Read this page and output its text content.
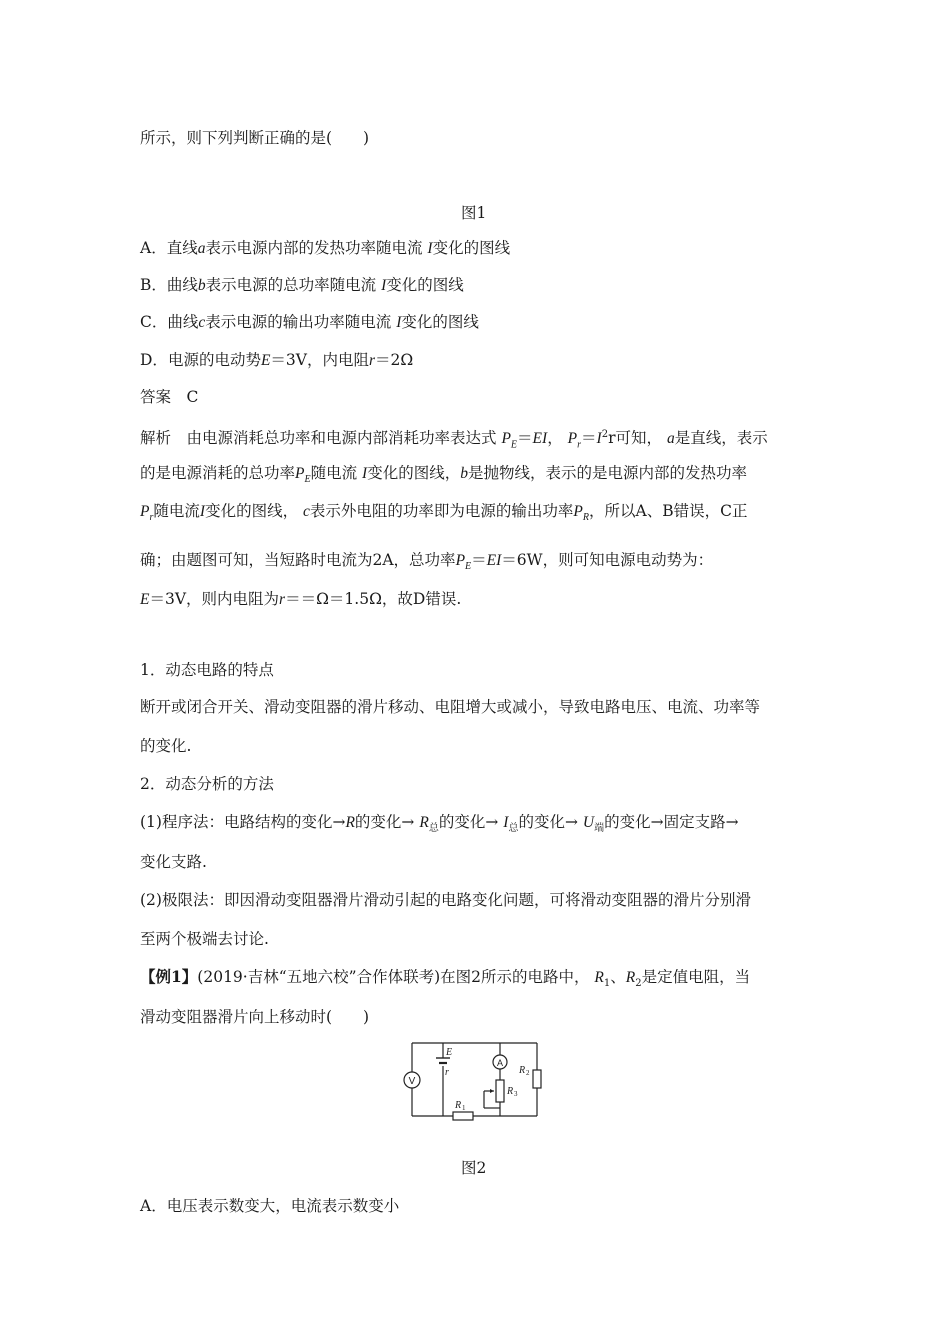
所示，则下列判断正确的是(　　)
图1
A．直线a表示电源内部的发热功率随电流 I变化的图线
B．曲线b表示电源的总功率随电流 I变化的图线
C．曲线c表示电源的输出功率随电流 I变化的图线
D．电源的电动势E＝3V，内电阻r＝2Ω
答案　C
解析　由电源消耗总功率和电源内部消耗功率表达式 $P_E=EI$， $P_r=I^2r$可知， a是直线，表示
的是电源消耗的总功率$P_E$随电流 I变化的图线，b是抛物线，表示的是电源内部的发热功率
$P_r$随电流I变化的图线， c表示外电阻的功率即为电源的输出功率$P_R$，所以A、B错误，C正
确；由题图可知，当短路时电流为2A，总功率$P_E=EI=6W$，则可知电源电动势为：
E＝3V，则内电阻为r＝＝Ω＝1.5Ω，故D错误.
1．动态电路的特点
断开或闭合开关、滑动变阻器的滑片移动、电阻增大或减小，导致电路电压、电流、功率等
的变化.
2．动态分析的方法
(1)程序法：电路结构的变化→R的变化→ $R_总$的变化→ $I_总$的变化→ $U_端$的变化→固定支路→
变化支路.
(2)极限法：即因滑动变阻器滑片滑动引起的电路变化问题，可将滑动变阻器的滑片分别滑
至两个极端去讨论.
【例1】(2019·吉林“五地六校”合作体联考)在图2所示的电路中， $R_1$、$R_2$是定值电阻，当
滑动变阻器滑片向上移动时(　　)
V
A
E
r
R
R
R
1
3
2
图2
A．电压表示数变大，电流表示数变小
